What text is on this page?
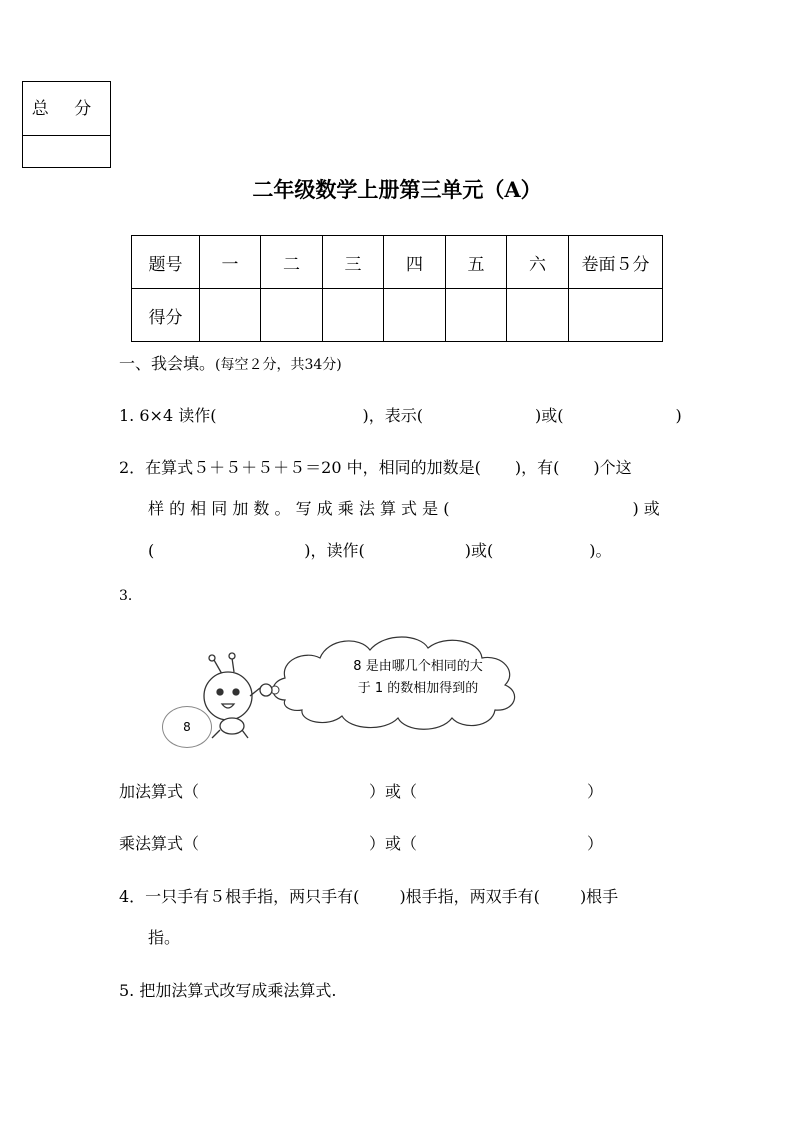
总 分
二年级数学上册第三单元（A）
题号	一	二	三	四	五	六	卷面５分
得分							
一、我会填。(每空２分，共34分)
1. 6×4 读作(	)，表示(	)或(	)
2．在算式５＋５＋５＋５＝20 中，相同的加数是( )，有( )个这
样 的 相 同 加 数 。 写 成 乘 法 算 式 是 (	) 或
(	)，读作(	)或(	)。
3．
8
8 是由哪几个相同的大
于 1 的数相加得到的
加法算式（	）或（	）
乘法算式（	）或（	）
4．一只手有５根手指，两只手有(	)根手指，两双手有(	)根手
指。
5. 把加法算式改写成乘法算式.
